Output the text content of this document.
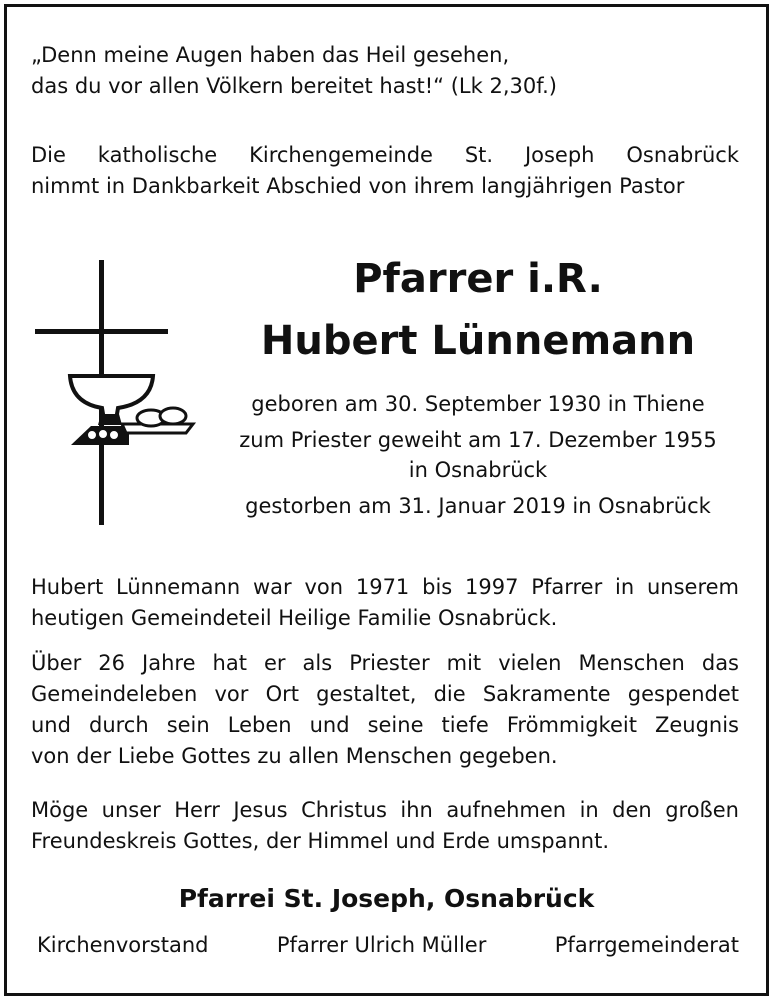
„Denn meine Augen haben das Heil gesehen,
das du vor allen Völkern bereitet hast!“ (Lk 2,30f.)
Die katholische Kirchengemeinde St. Joseph Osnabrück
nimmt in Dankbarkeit Abschied von ihrem langjährigen Pastor

Pfarrer i.R.

Hubert Lünnemann

geboren am 30. September 1930 in Thiene

zum Priester geweiht am 17. Dezember 1955

in Osnabrück

gestorben am 31. Januar 2019 in Osnabrück

Hubert Lünnemann war von 1971 bis 1997 Pfarrer in unserem
heutigen Gemeindeteil Heilige Familie Osnabrück.
Über 26 Jahre hat er als Priester mit vielen Menschen das
Gemeindeleben vor Ort gestaltet, die Sakramente gespendet
und durch sein Leben und seine tiefe Frömmigkeit Zeugnis
von der Liebe Gottes zu allen Menschen gegeben.
Möge unser Herr Jesus Christus ihn aufnehmen in den großen
Freundeskreis Gottes, der Himmel und Erde umspannt.

Pfarrei St. Joseph, Osnabrück

Kirchenvorstand	Pfarrer Ulrich Müller	Pfarrgemeinderat
